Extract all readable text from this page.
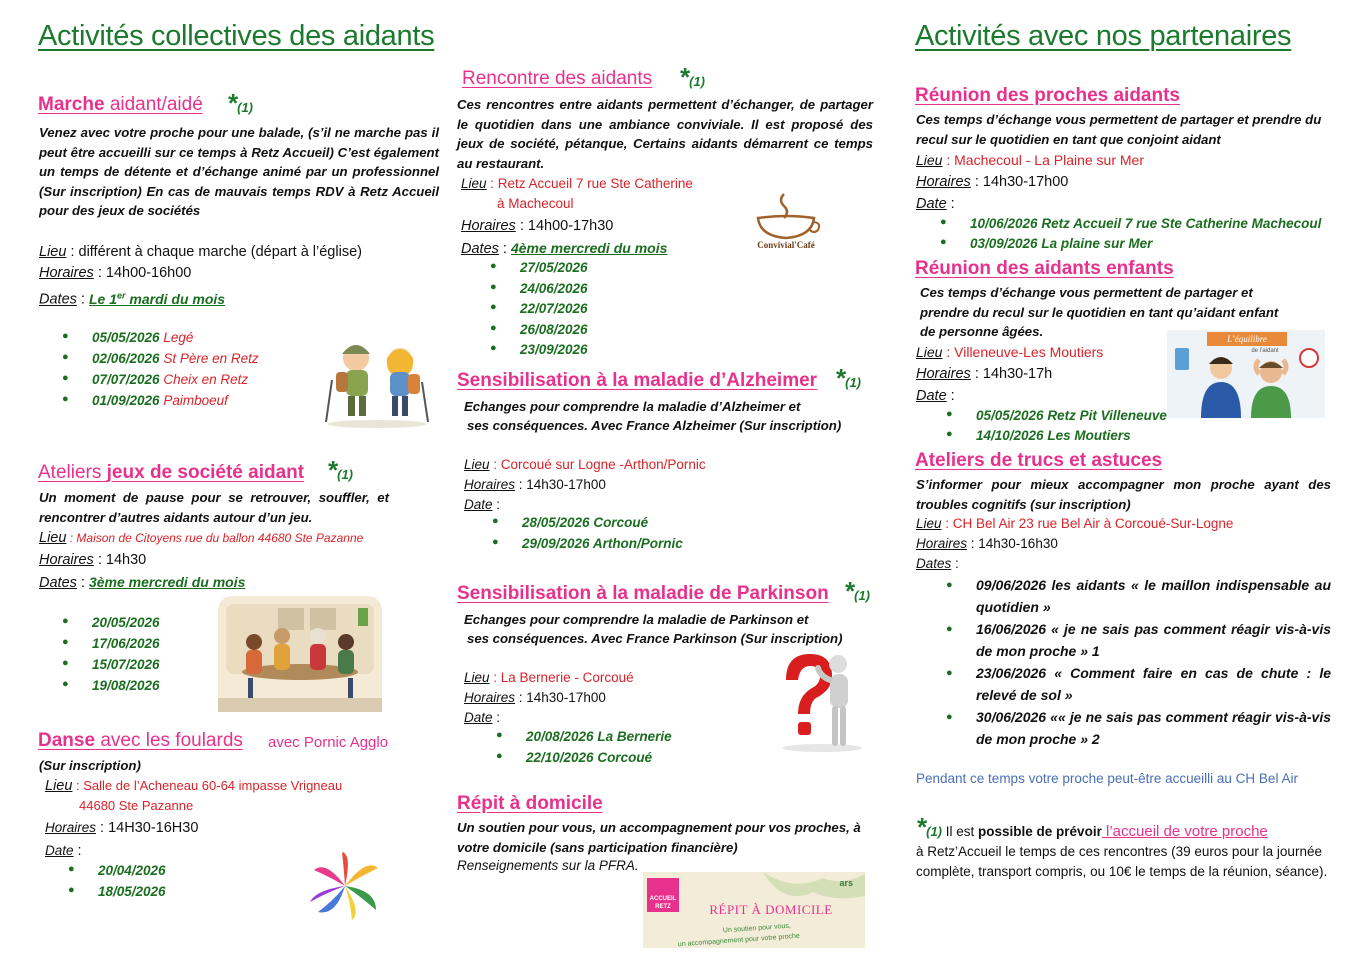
Activités collectives des aidants
Marche aidant/aidé *(1)
Venez avec votre proche pour une balade, (s’il ne marche pas il peut être accueilli sur ce temps à Retz Accueil) C’est également un temps de détente et d’échange animé par un professionnel (Sur inscription) En cas de mauvais temps RDV à Retz Accueil pour des jeux de sociétés
Lieu : différent à chaque marche (départ à l’église)
Horaires : 14h00-16h00
Dates : Le 1er mardi du mois
● 05/05/2026 Legé
● 02/06/2026 St Père en Retz
● 07/07/2026 Cheix en Retz
● 01/09/2026 Paimboeuf
Ateliers jeux de société aidant *(1)
Un moment de pause pour se retrouver, souffler, et rencontrer d’autres aidants autour d’un jeu.
Lieu : Maison de Citoyens rue du ballon 44680 Ste Pazanne
Horaires : 14h30
Dates : 3ème mercredi du mois
● 20/05/2026
● 17/06/2026
● 15/07/2026
● 19/08/2026
Danse avec les foulards avec Pornic Agglo
(Sur inscription)
Lieu : Salle de l’Acheneau 60-64 impasse Vrigneau
44680 Ste Pazanne
Horaires : 14H30-16H30
Date :
● 20/04/2026
● 18/05/2026
Rencontre des aidants *(1)
Ces rencontres entre aidants permettent d’échanger, de partager le quotidien dans une ambiance conviviale. Il est proposé des jeux de société, pétanque, Certains aidants démarrent ce temps au restaurant.
Lieu : Retz Accueil 7 rue Ste Catherine
à Machecoul
Horaires : 14h00-17h30
Dates : 4ème mercredi du mois
● 27/05/2026
● 24/06/2026
● 22/07/2026
● 26/08/2026
● 23/09/2026
Convivial'Café
Sensibilisation à la maladie d’Alzheimer *(1)
Echanges pour comprendre la maladie d’Alzheimer et
ses conséquences. Avec France Alzheimer (Sur inscription)
Lieu : Corcoué sur Logne -Arthon/Pornic
Horaires : 14h30-17h00
Date :
● 28/05/2026 Corcoué
● 29/09/2026 Arthon/Pornic
Sensibilisation à la maladie de Parkinson *(1)
Echanges pour comprendre la maladie de Parkinson et
ses conséquences. Avec France Parkinson (Sur inscription)
Lieu : La Bernerie - Corcoué
Horaires : 14h30-17h00
Date :
● 20/08/2026 La Bernerie
● 22/10/2026 Corcoué
Répit à domicile
Un soutien pour vous, un accompagnement pour vos proches, à votre domicile (sans participation financière)
Renseignements sur la PFRA.
ACCUEIL
RETZ	RÉPIT À DOMICILE
ars
Un soutien pour vous,
un accompagnement pour votre proche
Activités avec nos partenaires
Réunion des proches aidants
Ces temps d’échange vous permettent de partager et prendre du recul sur le quotidien en tant que conjoint aidant
Lieu : Machecoul - La Plaine sur Mer
Horaires : 14h30-17h00
Date :
● 10/06/2026 Retz Accueil 7 rue Ste Catherine Machecoul
● 03/09/2026 La plaine sur Mer
Réunion des aidants enfants
Ces temps d’échange vous permettent de partager et prendre du recul sur le quotidien en tant qu’aidant enfant de personne âgées.
Lieu : Villeneuve-Les Moutiers
Horaires : 14h30-17h
Date :
● 05/05/2026 Retz Pit Villeneuve
● 14/10/2026 Les Moutiers
L’équilibre
de l’aidant
Ateliers de trucs et astuces
S’informer pour mieux accompagner mon proche ayant des troubles cognitifs (sur inscription)
Lieu : CH Bel Air 23 rue Bel Air à Corcoué-Sur-Logne
Horaires : 14h30-16h30
Dates :
● 09/06/2026 les aidants « le maillon indispensable au quotidien »
● 16/06/2026 « je ne sais pas comment réagir vis-à-vis de mon proche » 1
● 23/06/2026 « Comment faire en cas de chute : le relevé de sol »
● 30/06/2026 «« je ne sais pas comment réagir vis-à-vis de mon proche » 2
Pendant ce temps votre proche peut-être accueilli au CH Bel Air
*(1) Il est possible de prévoir l’accueil de votre proche
à Retz’Accueil le temps de ces rencontres (39 euros pour la journée complète, transport compris, ou 10€ le temps de la réunion, séance).
